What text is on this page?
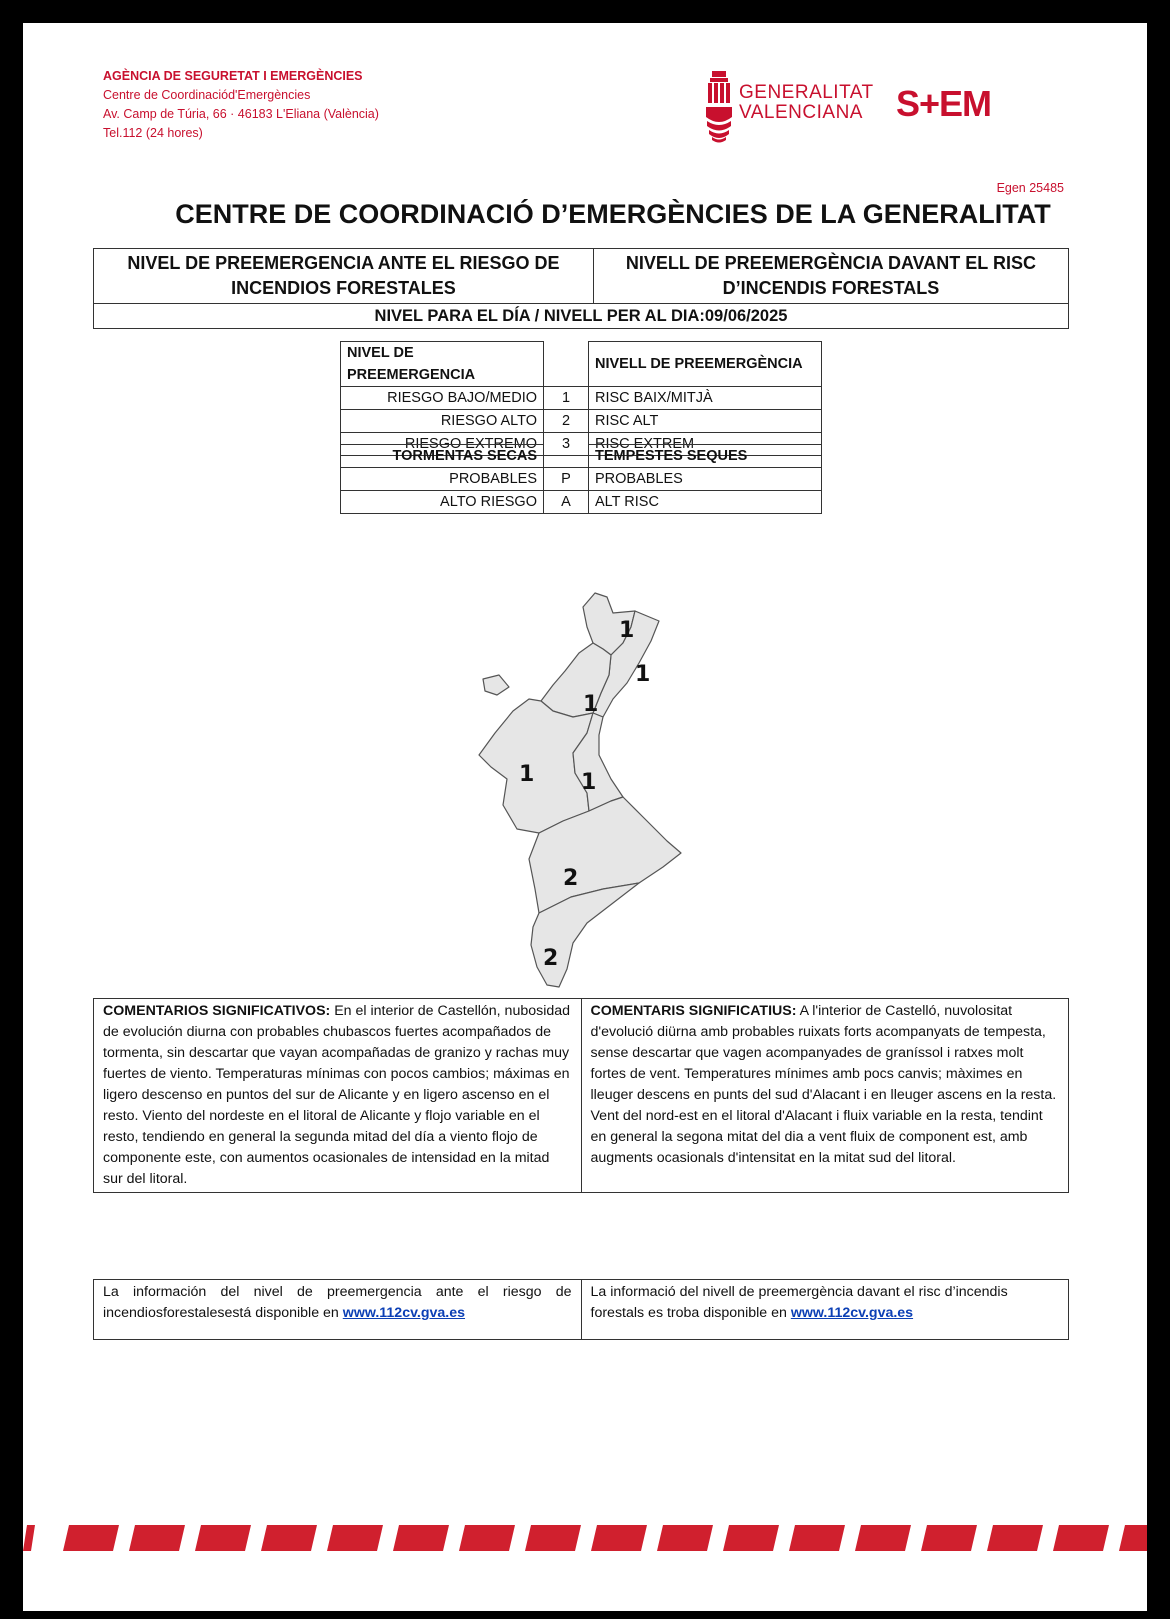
AGÈNCIA DE SEGURETAT I EMERGÈNCIES
Centre de Coordinaciód'Emergències
Av. Camp de Túria, 66 · 46183 L'Eliana (València)
Tel.112 (24 hores)
GENERALITAT
VALENCIANA S+EM
Egen 25485
CENTRE DE COORDINACIÓ D’EMERGÈNCIES DE LA GENERALITAT
NIVEL DE PREEMERGENCIA ANTE EL RIESGO DE
INCENDIOS FORESTALES

NIVELL DE PREEMERGÈNCIA DAVANT EL RISC
D’INCENDIS FORESTALS

NIVEL PARA EL DÍA / NIVELL PER AL DIA:09/06/2025
NIVEL DE PREEMERGENCIA		NIVELL DE PREEMERGÈNCIA
RIESGO BAJO/MEDIO	1	RISC BAIX/MITJÀ
RIESGO ALTO	2	RISC ALT
RIESGO EXTREMO	3	RISC EXTREM
TORMENTAS SECAS		TEMPESTES SEQUES
PROBABLES	P	PROBABLES
ALTO RIESGO	A	ALT RISC
1
1
1
1 1
2
2
COMENTARIOS SIGNIFICATIVOS: En el interior de Castellón, nubosidad de evolución diurna con probables chubascos fuertes acompañados de tormenta, sin descartar que vayan acompañadas de granizo y rachas muy fuertes de viento. Temperaturas mínimas con pocos cambios; máximas en ligero descenso en puntos del sur de Alicante y en ligero ascenso en el resto. Viento del nordeste en el litoral de Alicante y flojo variable en el resto, tendiendo en general la segunda mitad del día a viento flojo de componente este, con aumentos ocasionales de intensidad en la mitad sur del litoral.	COMENTARIS SIGNIFICATIUS: A l'interior de Castelló, nuvolositat d'evolució diürna amb probables ruixats forts acompanyats de tempesta, sense descartar que vagen acompanyades de graníssol i ratxes molt fortes de vent. Temperatures mínimes amb pocs canvis; màximes en lleuger descens en punts del sud d'Alacant i en lleuger ascens en la resta. Vent del nord-est en el litoral d'Alacant i fluix variable en la resta, tendint en general la segona mitat del dia a vent fluix de component est, amb augments ocasionals d'intensitat en la mitat sud del litoral.
La información del nivel de preemergencia ante el riesgo de incendiosforestalesestá disponible en www.112cv.gva.es	La informació del nivell de preemergència davant el risc d’incendis forestals es troba disponible en www.112cv.gva.es
